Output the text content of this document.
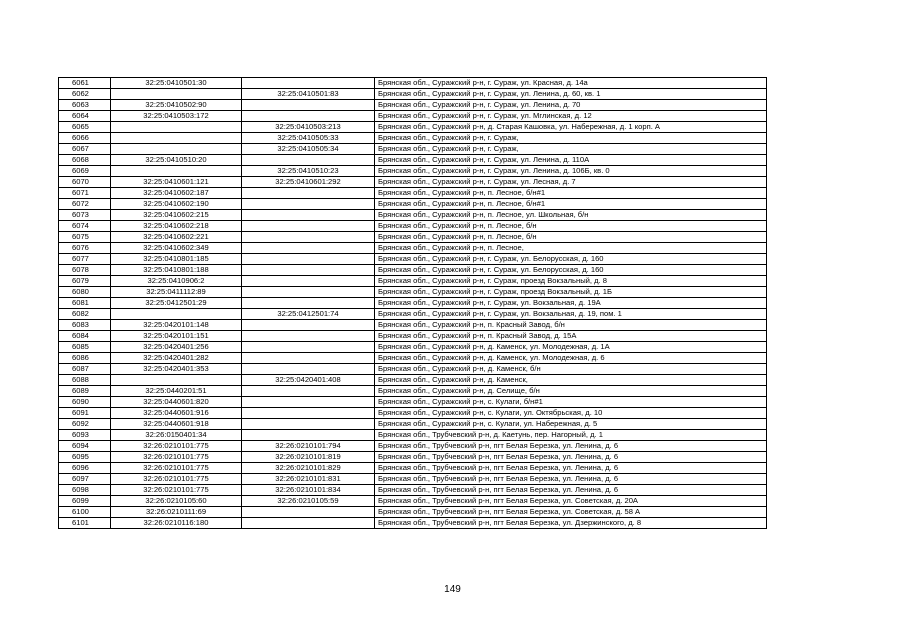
6061	32:25:0410501:30		Брянская обл., Суражский р-н, г. Сураж, ул. Красная, д. 14а
6062		32:25:0410501:83	Брянская обл., Суражский р-н, г. Сураж, ул. Ленина, д. 60, кв. 1
6063	32:25:0410502:90		Брянская обл., Суражский р-н, г. Сураж, ул. Ленина, д. 70
6064	32:25:0410503:172		Брянская обл., Суражский р-н, г. Сураж, ул. Мглинская, д. 12
6065		32:25:0410503:213	Брянская обл., Суражский р-н, д. Старая Кашовка, ул. Набережная, д. 1 корп. А
6066		32:25:0410505:33	Брянская обл., Суражский р-н, г. Сураж,
6067		32:25:0410505:34	Брянская обл., Суражский р-н, г. Сураж,
6068	32:25:0410510:20		Брянская обл., Суражский р-н, г. Сураж, ул. Ленина, д. 110А
6069		32:25:0410510:23	Брянская обл., Суражский р-н, г. Сураж, ул. Ленина, д. 106Б, кв. 0
6070	32:25:0410601:121	32:25:0410601:292	Брянская обл., Суражский р-н, г. Сураж, ул. Лесная, д. 7
6071	32:25:0410602:187		Брянская обл., Суражский р-н, п. Лесное, б/н#1
6072	32:25:0410602:190		Брянская обл., Суражский р-н, п. Лесное, б/н#1
6073	32:25:0410602:215		Брянская обл., Суражский р-н, п. Лесное, ул. Школьная, б/н
6074	32:25:0410602:218		Брянская обл., Суражский р-н, п. Лесное, б/н
6075	32:25:0410602:221		Брянская обл., Суражский р-н, п. Лесное, б/н
6076	32:25:0410602:349		Брянская обл., Суражский р-н, п. Лесное,
6077	32:25:0410801:185		Брянская обл., Суражский р-н, г. Сураж, ул. Белорусская, д. 160
6078	32:25:0410801:188		Брянская обл., Суражский р-н, г. Сураж, ул. Белорусская, д. 160
6079	32:25:0410906:2		Брянская обл., Суражский р-н, г. Сураж, проезд Вокзальный, д. 8
6080	32:25:0411112:89		Брянская обл., Суражский р-н, г. Сураж, проезд Вокзальный, д. 1Б
6081	32:25:0412501:29		Брянская обл., Суражский р-н, г. Сураж, ул. Вокзальная, д. 19А
6082		32:25:0412501:74	Брянская обл., Суражский р-н, г. Сураж, ул. Вокзальная, д. 19, пом. 1
6083	32:25:0420101:148		Брянская обл., Суражский р-н, п. Красный Завод, б/н
6084	32:25:0420101:151		Брянская обл., Суражский р-н, п. Красный Завод, д. 15А
6085	32:25:0420401:256		Брянская обл., Суражский р-н, д. Каменск, ул. Молодежная, д. 1А
6086	32:25:0420401:282		Брянская обл., Суражский р-н, д. Каменск, ул. Молодежная, д. 6
6087	32:25:0420401:353		Брянская обл., Суражский р-н, д. Каменск, б/н
6088		32:25:0420401:408	Брянская обл., Суражский р-н, д. Каменск,
6089	32:25:0440201:51		Брянская обл., Суражский р-н, д. Селище, б/н
6090	32:25:0440601:820		Брянская обл., Суражский р-н, с. Кулаги, б/н#1
6091	32:25:0440601:916		Брянская обл., Суражский р-н, с. Кулаги, ул. Октябрьская, д. 10
6092	32:25:0440601:918		Брянская обл., Суражский р-н, с. Кулаги, ул. Набережная, д. 5
6093	32:26:0150401:34		Брянская обл., Трубчевский р-н, д. Каетунь, пер. Нагорный, д. 1
6094	32:26:0210101:775	32:26:0210101:794	Брянская обл., Трубчевский р-н, пгт Белая Березка, ул. Ленина, д. 6
6095	32:26:0210101:775	32:26:0210101:819	Брянская обл., Трубчевский р-н, пгт Белая Березка, ул. Ленина, д. 6
6096	32:26:0210101:775	32:26:0210101:829	Брянская обл., Трубчевский р-н, пгт Белая Березка, ул. Ленина, д. 6
6097	32:26:0210101:775	32:26:0210101:831	Брянская обл., Трубчевский р-н, пгт Белая Березка, ул. Ленина, д. 6
6098	32:26:0210101:775	32:26:0210101:834	Брянская обл., Трубчевский р-н, пгт Белая Березка, ул. Ленина, д. 6
6099	32:26:0210105:60	32:26:0210105:59	Брянская обл., Трубчевский р-н, пгт Белая Березка, ул. Советская, д. 20А
6100	32:26:0210111:69		Брянская обл., Трубчевский р-н, пгт Белая Березка, ул. Советская, д. 58 А
6101	32:26:0210116:180		Брянская обл., Трубчевский р-н, пгт Белая Березка, ул. Дзержинского, д. 8
149
